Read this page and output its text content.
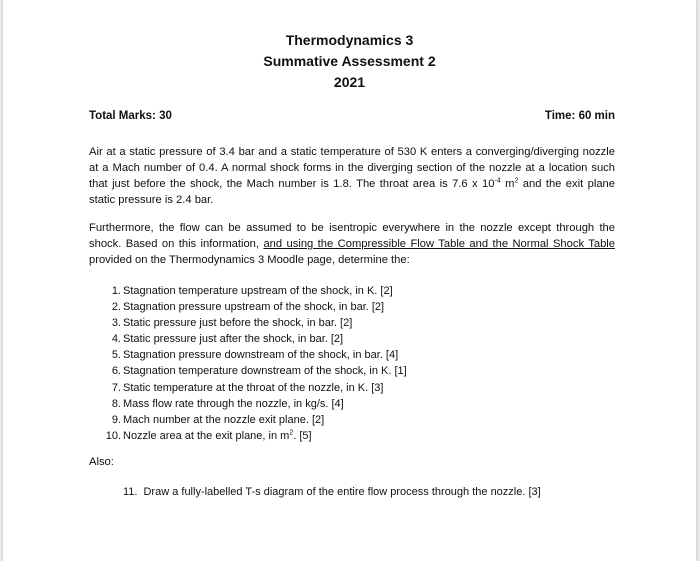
Thermodynamics 3
Summative Assessment 2
2021
Total Marks: 30	Time: 60 min
Air at a static pressure of 3.4 bar and a static temperature of 530 K enters a converging/diverging nozzle at a Mach number of 0.4. A normal shock forms in the diverging section of the nozzle at a location such that just before the shock, the Mach number is 1.8. The throat area is 7.6 x $10^{-4}$ $m^2$ and the exit plane static pressure is 2.4 bar.
Furthermore, the flow can be assumed to be isentropic everywhere in the nozzle except through the shock. Based on this information, and using the Compressible Flow Table and the Normal Shock Table provided on the Thermodynamics 3 Moodle page, determine the:
1. Stagnation temperature upstream of the shock, in K. [2]
2. Stagnation pressure upstream of the shock, in bar. [2]
3. Static pressure just before the shock, in bar. [2]
4. Static pressure just after the shock, in bar. [2]
5. Stagnation pressure downstream of the shock, in bar. [4]
6. Stagnation temperature downstream of the shock, in K. [1]
7. Static temperature at the throat of the nozzle, in K. [3]
8. Mass flow rate through the nozzle, in kg/s. [4]
9. Mach number at the nozzle exit plane. [2]
10. Nozzle area at the exit plane, in $m^2$. [5]
Also:
11. Draw a fully-labelled T-s diagram of the entire flow process through the nozzle. [3]
